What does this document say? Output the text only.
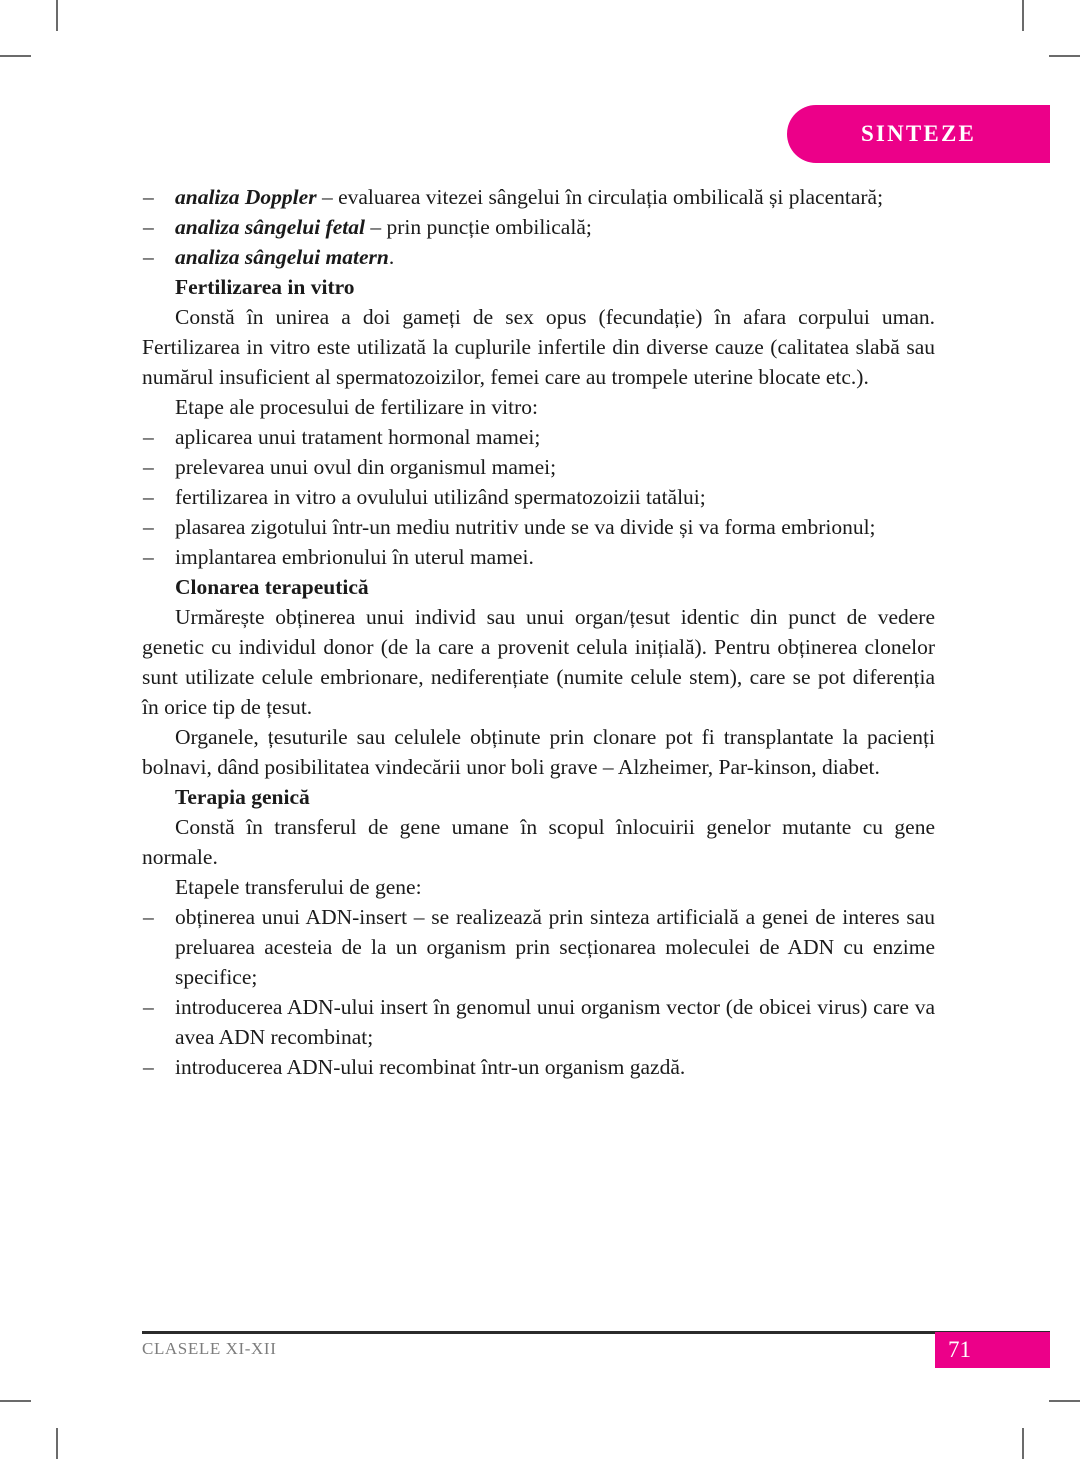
SINTEZE
– analiza Doppler – evaluarea vitezei sângelui în circulația ombilicală și placentară;
– analiza sângelui fetal – prin puncție ombilicală;
– analiza sângelui matern.
Fertilizarea in vitro

Constă în unirea a doi gameți de sex opus (fecundație) în afara corpului uman. Fertilizarea in vitro este utilizată la cuplurile infertile din diverse cauze (calitatea slabă sau numărul insuficient al spermatozoizilor, femei care au trompele uterine blocate etc.).

Etape ale procesului de fertilizare in vitro:

– aplicarea unui tratament hormonal mamei;
– prelevarea unui ovul din organismul mamei;
– fertilizarea in vitro a ovulului utilizând spermatozoizii tatălui;
– plasarea zigotului într-un mediu nutritiv unde se va divide și va forma embrionul;
– implantarea embrionului în uterul mamei.
Clonarea terapeutică

Urmărește obținerea unui individ sau unui organ/țesut identic din punct de vedere genetic cu individul donor (de la care a provenit celula inițială). Pentru obținerea clonelor sunt utilizate celule embrionare, nediferențiate (numite celule stem), care se pot diferenția în orice tip de țesut.

Organele, țesuturile sau celulele obținute prin clonare pot fi transplantate la pacienți bolnavi, dând posibilitatea vindecării unor boli grave – Alzheimer, Par-kinson, diabet.

Terapia genică

Constă în transferul de gene umane în scopul înlocuirii genelor mutante cu gene normale.

Etapele transferului de gene:

– obținerea unui ADN-insert – se realizează prin sinteza artificială a genei de interes sau preluarea acesteia de la un organism prin secționarea moleculei de ADN cu enzime specifice;
– introducerea ADN-ului insert în genomul unui organism vector (de obicei virus) care va avea ADN recombinat;
– introducerea ADN-ului recombinat într-un organism gazdă.
CLASELE XI-XII	71
